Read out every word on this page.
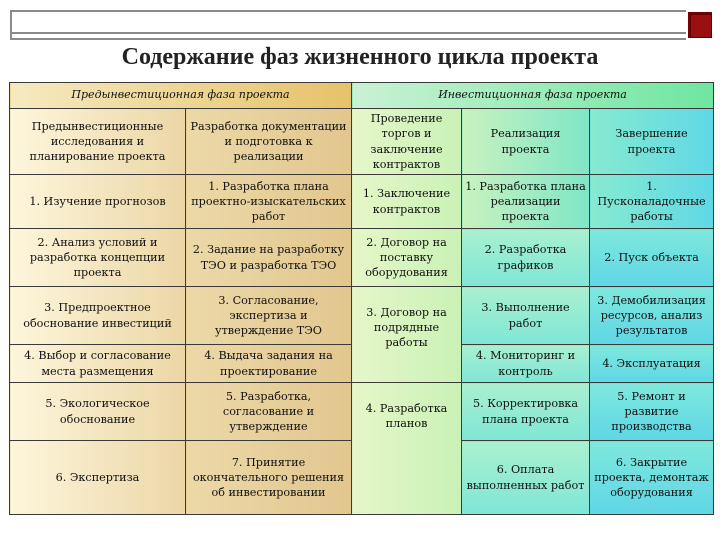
Содержание фаз жизненного цикла проекта
Предынвестиционная фаза проекта		Инвестиционная фаза проекта		
Предынвестиционные исследования и планирование проекта	Разработка документации и подготовка к реализации	Проведение торгов и заключение контрактов	Реализация проекта	Завершение проекта
1. Изучение прогнозов	1. Разработка плана проектно-изыскательских работ	1. Заключение контрактов	1. Разработка плана реализации проекта	1. Пусконаладочные работы
2. Анализ условий и разработка концепции проекта	2. Задание на разработку ТЭО и разработка ТЭО	2. Договор на поставку оборудования	2. Разработка графиков	2. Пуск объекта
3. Предпроектное обоснование инвестиций	3. Согласование, экспертиза и утверждение ТЭО	3. Договор на подрядные работы	3. Выполнение работ	3. Демобилизация ресурсов, анализ результатов
4. Выбор и согласование места размещения	4. Выдача задания на проектирование		4. Мониторинг и контроль	4. Эксплуатация
5. Экологическое обоснование	5. Разработка, согласование и утверждение	4. Разработка планов	5. Корректировка плана проекта	5. Ремонт и развитие производства
6. Экспертиза	7. Принятие окончательного решения об инвестировании		6. Оплата выполненных работ	6. Закрытие проекта, демонтаж оборудования
